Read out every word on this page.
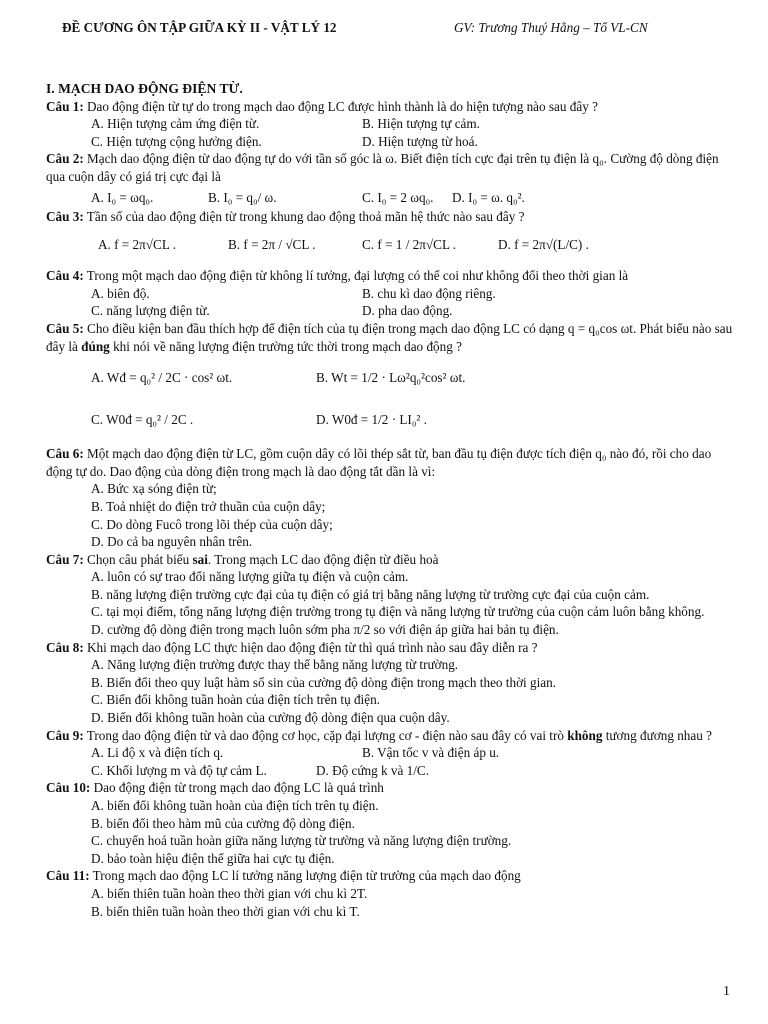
ĐỀ CƯƠNG ÔN TẬP GIỮA KỲ II - VẬT LÝ 12	GV: Trương Thuý Hằng – Tổ VL-CN
I. MẠCH DAO ĐỘNG ĐIỆN TỪ.
Câu 1: Dao động điện từ tự do trong mạch dao động LC được hình thành là do hiện tượng nào sau đây ?
A. Hiện tượng cảm ứng điện từ.	B. Hiện tượng tự cảm.
C. Hiện tượng cộng hưởng điện.	D. Hiện tượng từ hoá.
Câu 2: Mạch dao động điện từ dao động tự do với tần số góc là ω. Biết điện tích cực đại trên tụ điện là q₀. Cường độ dòng điện qua cuộn dây có giá trị cực đại là
A. I₀ = ωq₀.	B. I₀ = q₀/ ω.	C. I₀ = 2 ωq₀. D. I₀ = ω. q₀².
Câu 3: Tần số của dao động điện từ trong khung dao động thoả mãn hệ thức nào sau đây ?
A. f = 2π√CL .	B. f = 2π / √CL .	C. f = 1 / 2π√CL .	D. f = 2π√(L/C) .
Câu 4: Trong một mạch dao động điện từ không lí tưởng, đại lượng có thể coi như không đổi theo thời gian là
A. biên độ.	B. chu kì dao động riêng.
C. năng lượng điện từ.	D. pha dao động.
Câu 5: Cho điều kiện ban đầu thích hợp để điện tích của tụ điện trong mạch dao động LC có dạng q = q₀cos ωt. Phát biểu nào sau đây là đúng khi nói về năng lượng điện trường tức thời trong mạch dao động ?
A. Wđ = q₀² / 2C · cos² ωt.	B. Wt = 1/2 · Lω²q₀²cos² ωt.
C. W0đ = q₀² / 2C .	D. W0đ = 1/2 · LI₀² .
Câu 6: Một mạch dao động điện từ LC, gồm cuộn dây có lõi thép sắt từ, ban đầu tụ điện được tích điện q₀ nào đó, rồi cho dao động tự do. Dao động của dòng điện trong mạch là dao động tắt dần là vì:
A. Bức xạ sóng điện từ;
B. Toả nhiệt do điện trở thuần của cuộn dây;
C. Do dòng Fucô trong lõi thép của cuộn dây;
D. Do cả ba nguyên nhân trên.
Câu 7: Chọn câu phát biểu sai. Trong mạch LC dao động điện từ điều hoà
A. luôn có sự trao đổi năng lượng giữa tụ điện và cuộn cảm.
B. năng lượng điện trường cực đại của tụ điện có giá trị bằng năng lượng từ trường cực đại của cuộn cảm.
C. tại mọi điểm, tổng năng lượng điện trường trong tụ điện và năng lượng từ trường của cuộn cảm luôn bằng không.
D. cường độ dòng điện trong mạch luôn sớm pha π/2 so với điện áp giữa hai bản tụ điện.
Câu 8: Khi mạch dao động LC thực hiện dao động điện từ thì quá trình nào sau đây diễn ra ?
A. Năng lượng điện trường được thay thế bằng năng lượng từ trường.
B. Biến đổi theo quy luật hàm số sin của cường độ dòng điện trong mạch theo thời gian.
C. Biến đổi không tuần hoàn của điện tích trên tụ điện.
D. Biến đổi không tuần hoàn của cường độ dòng điện qua cuộn dây.
Câu 9: Trong dao động điện từ và dao động cơ học, cặp đại lượng cơ - điện nào sau đây có vai trò không tương đương nhau ?
A. Li độ x và điện tích q.	B. Vận tốc v và điện áp u.
C. Khối lượng m và độ tự cảm L.	D. Độ cứng k và 1/C.
Câu 10: Dao động điện từ trong mạch dao động LC là quá trình
A. biến đổi không tuần hoàn của điện tích trên tụ điện.
B. biến đổi theo hàm mũ của cường độ dòng điện.
C. chuyển hoá tuần hoàn giữa năng lượng từ trường và năng lượng điện trường.
D. bảo toàn hiệu điện thế giữa hai cực tụ điện.
Câu 11: Trong mạch dao động LC lí tưởng năng lượng điện từ trường của mạch dao động
A. biến thiên tuần hoàn theo thời gian với chu kì 2T.
B. biến thiên tuần hoàn theo thời gian với chu kì T.
1
